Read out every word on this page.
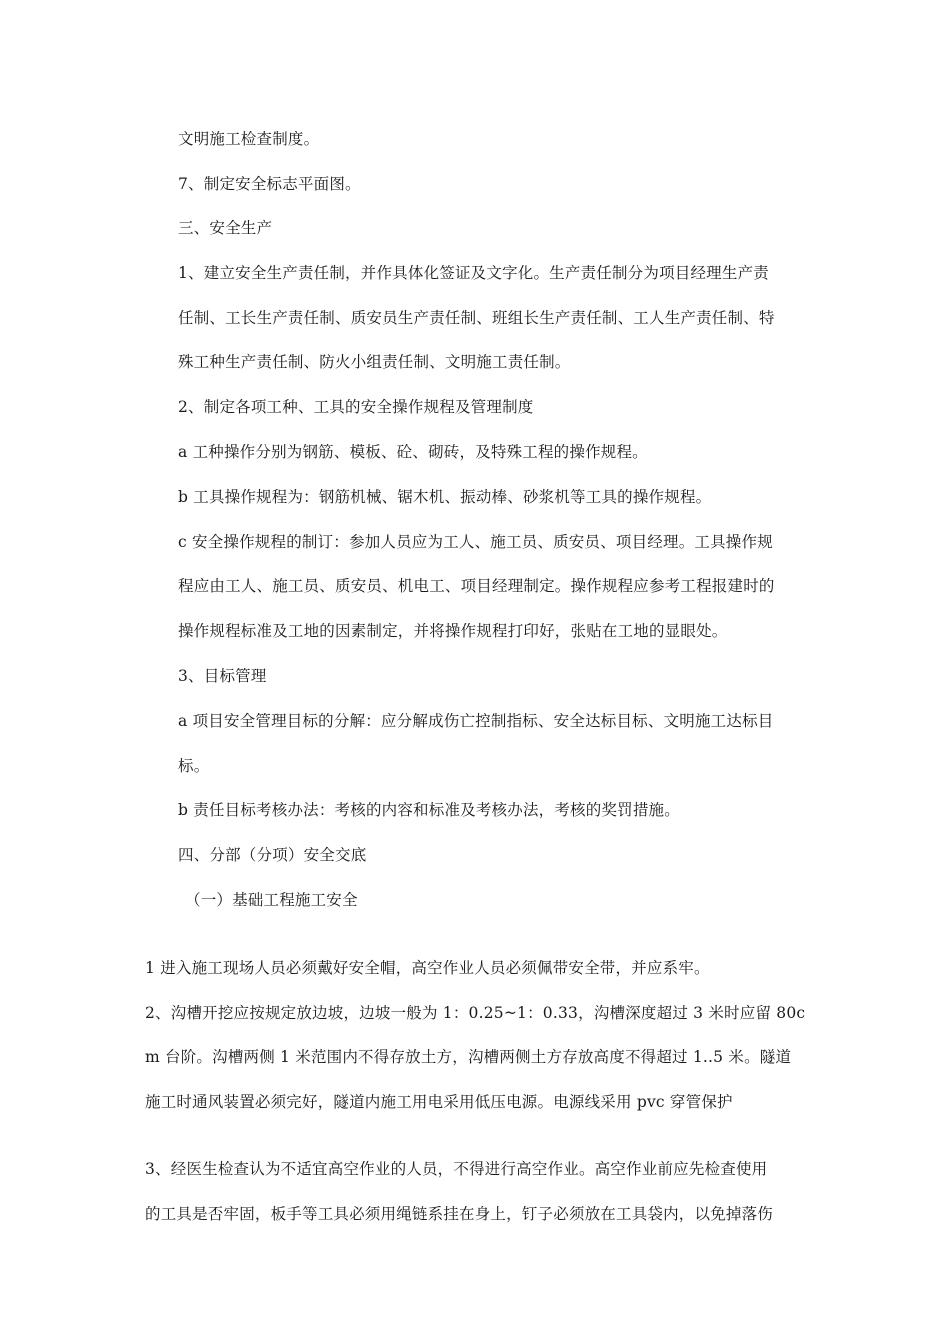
文明施工检查制度。
7、制定安全标志平面图。
三、安全生产
1、建立安全生产责任制，并作具体化签证及文字化。生产责任制分为项目经理生产责
任制、工长生产责任制、质安员生产责任制、班组长生产责任制、工人生产责任制、特
殊工种生产责任制、防火小组责任制、文明施工责任制。
2、制定各项工种、工具的安全操作规程及管理制度
a 工种操作分别为钢筋、模板、砼、砌砖，及特殊工程的操作规程。
b 工具操作规程为：钢筋机械、锯木机、振动棒、砂浆机等工具的操作规程。
c 安全操作规程的制订：参加人员应为工人、施工员、质安员、项目经理。工具操作规
程应由工人、施工员、质安员、机电工、项目经理制定。操作规程应参考工程报建时的
操作规程标准及工地的因素制定，并将操作规程打印好，张贴在工地的显眼处。
3、目标管理
a 项目安全管理目标的分解：应分解成伤亡控制指标、安全达标目标、文明施工达标目
标。
b 责任目标考核办法：考核的内容和标准及考核办法，考核的奖罚措施。
四、分部（分项）安全交底
（一）基础工程施工安全
1 进入施工现场人员必须戴好安全帽，高空作业人员必须佩带安全带，并应系牢。
2、沟槽开挖应按规定放边坡，边坡一般为 1：0.25~1：0.33，沟槽深度超过 3 米时应留 80c
m 台阶。沟槽两侧 1 米范围内不得存放土方，沟槽两侧土方存放高度不得超过 1..5 米。隧道
施工时通风装置必须完好，隧道内施工用电采用低压电源。电源线采用 pvc 穿管保护
3、经医生检查认为不适宜高空作业的人员，不得进行高空作业。高空作业前应先检查使用
的工具是否牢固，板手等工具必须用绳链系挂在身上，钉子必须放在工具袋内，以免掉落伤
